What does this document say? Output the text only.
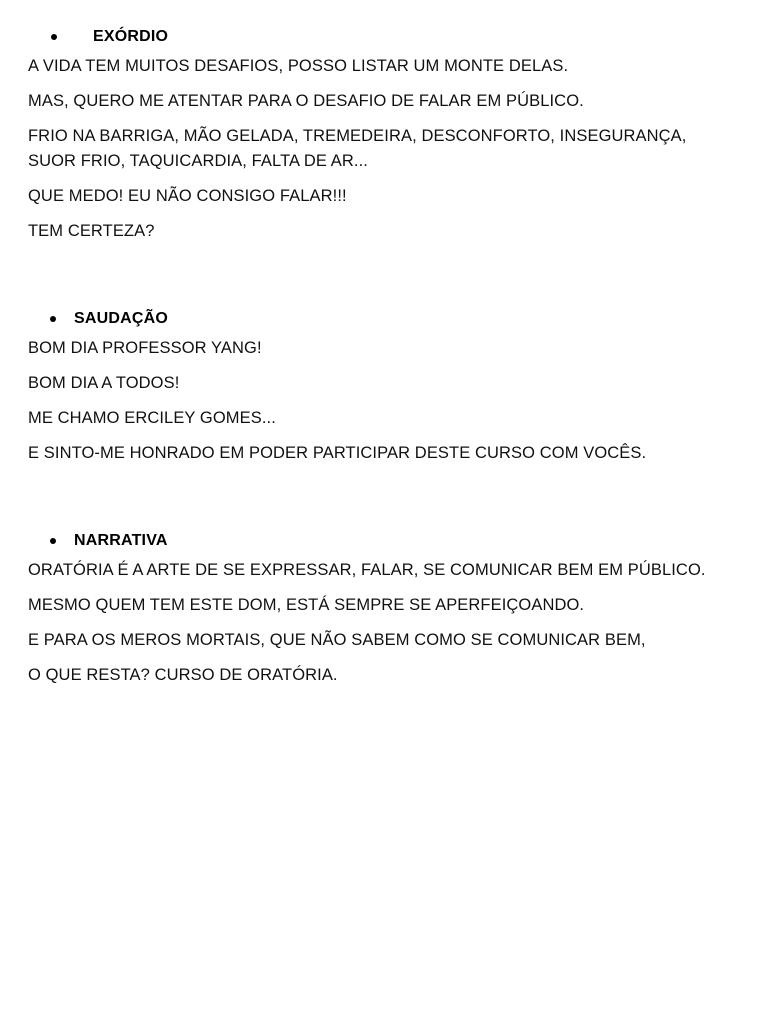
EXÓRDIO

A VIDA TEM MUITOS DESAFIOS, POSSO LISTAR UM MONTE DELAS.

MAS, QUERO ME ATENTAR PARA O DESAFIO DE FALAR EM PÚBLICO.

FRIO NA BARRIGA, MÃO GELADA, TREMEDEIRA, DESCONFORTO, INSEGURANÇA, SUOR FRIO, TAQUICARDIA, FALTA DE AR...

QUE MEDO! EU NÃO CONSIGO FALAR!!!

TEM CERTEZA?

SAUDAÇÃO

BOM DIA PROFESSOR YANG!

BOM DIA A TODOS!

ME CHAMO ERCILEY GOMES...

E SINTO-ME HONRADO EM PODER PARTICIPAR DESTE CURSO COM VOCÊS.

NARRATIVA

ORATÓRIA É A ARTE DE SE EXPRESSAR, FALAR, SE COMUNICAR BEM EM PÚBLICO.

MESMO QUEM TEM ESTE DOM, ESTÁ SEMPRE SE APERFEIÇOANDO.

E PARA OS MEROS MORTAIS, QUE NÃO SABEM COMO SE COMUNICAR BEM,

O QUE RESTA? CURSO DE ORATÓRIA.
